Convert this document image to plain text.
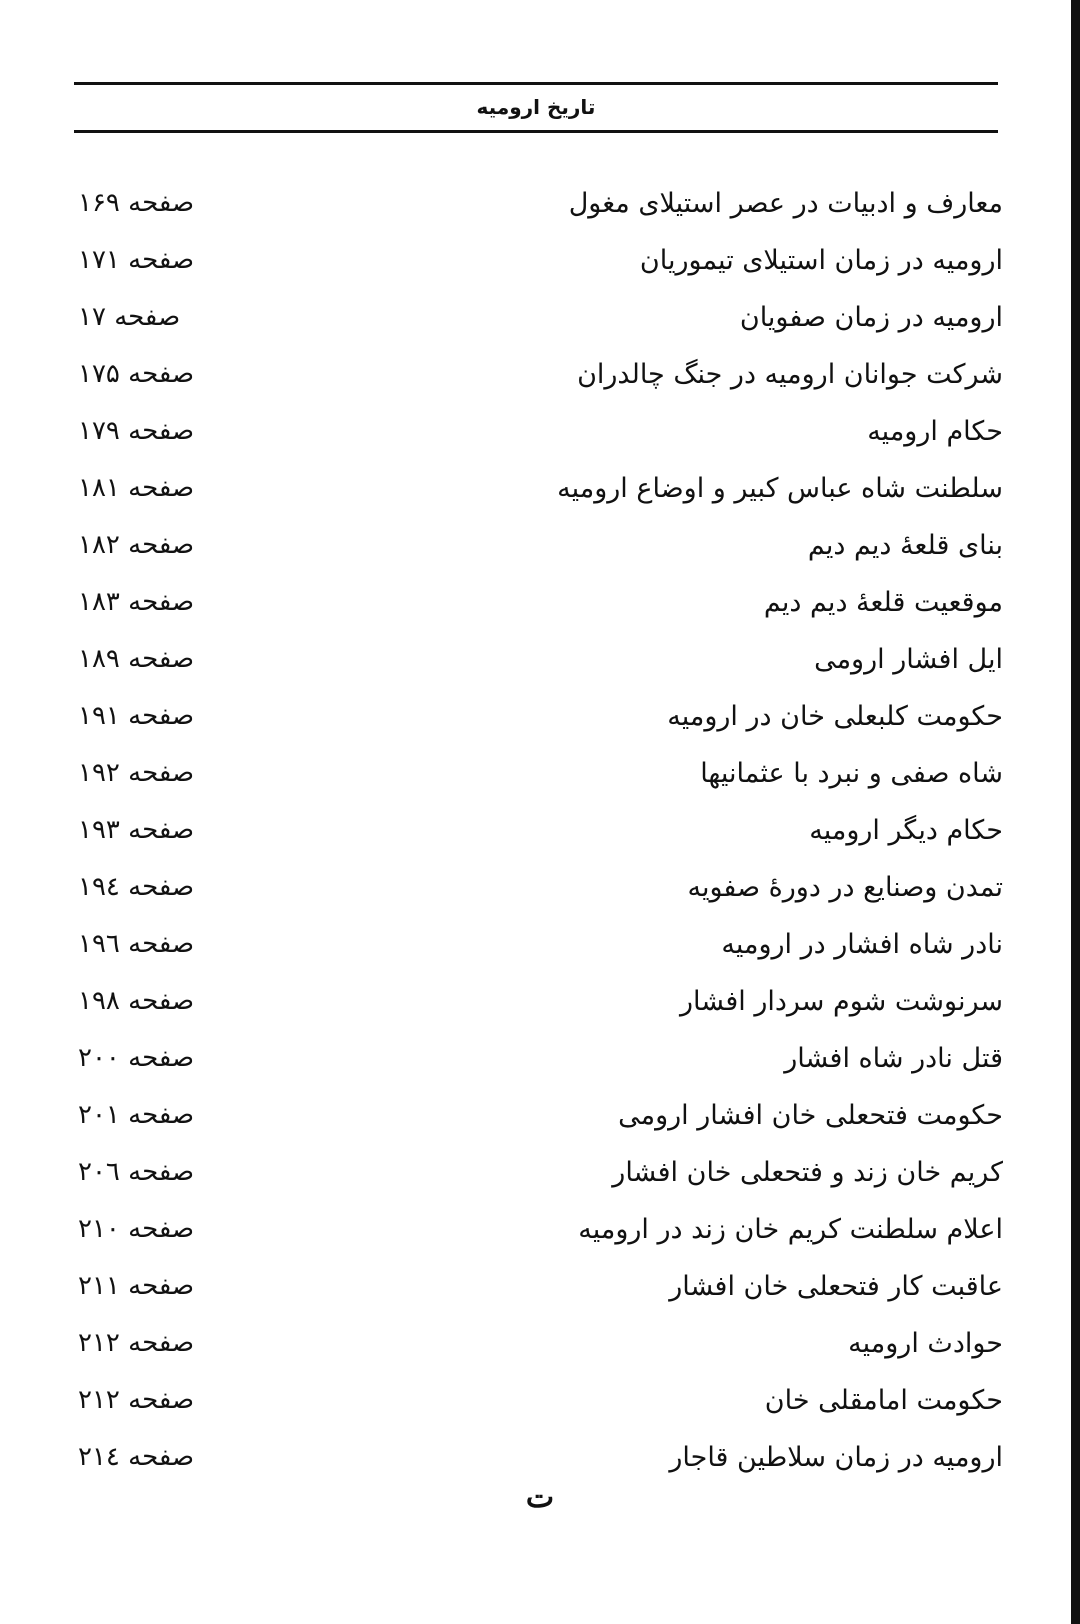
تاریخ ارومیه
معارف و ادبیات در عصر استیلای مغول
صفحه ۱۶۹
ارومیه در زمان استیلای تیموریان
صفحه ۱۷۱
ارومیه در زمان صفویان
صفحه ۱۷
شرکت جوانان ارومیه در جنگ چالدران
صفحه ۱۷۵
حکام ارومیه
صفحه ۱۷۹
سلطنت شاه عباس کبیر و اوضاع ارومیه
صفحه ۱۸۱
بنای قلعهٔ دیم دیم
صفحه ۱۸۲
موقعیت قلعهٔ دیم دیم
صفحه ۱۸۳
ایل افشار ارومی
صفحه ۱۸۹
حکومت کلبعلی خان در ارومیه
صفحه ۱۹۱
شاه صفی و نبرد با عثمانیها
صفحه ۱۹۲
حکام دیگر ارومیه
صفحه ۱۹۳
تمدن وصنایع در دورهٔ صفویه
صفحه ۱۹٤
نادر شاه افشار در ارومیه
صفحه ۱۹٦
سرنوشت شوم سردار افشار
صفحه ۱۹۸
قتل نادر شاه افشار
صفحه ۲۰۰
حکومت فتحعلی خان افشار ارومی
صفحه ۲۰۱
کریم خان زند و فتحعلی خان افشار
صفحه ۲۰٦
اعلام سلطنت کریم خان زند در ارومیه
صفحه ۲۱۰
عاقبت کار فتحعلی خان افشار
صفحه ۲۱۱
حوادث ارومیه
صفحه ۲۱۲
حکومت امامقلی خان
صفحه ۲۱۲
ارومیه در زمان سلاطین قاجار
صفحه ۲۱٤
ت
